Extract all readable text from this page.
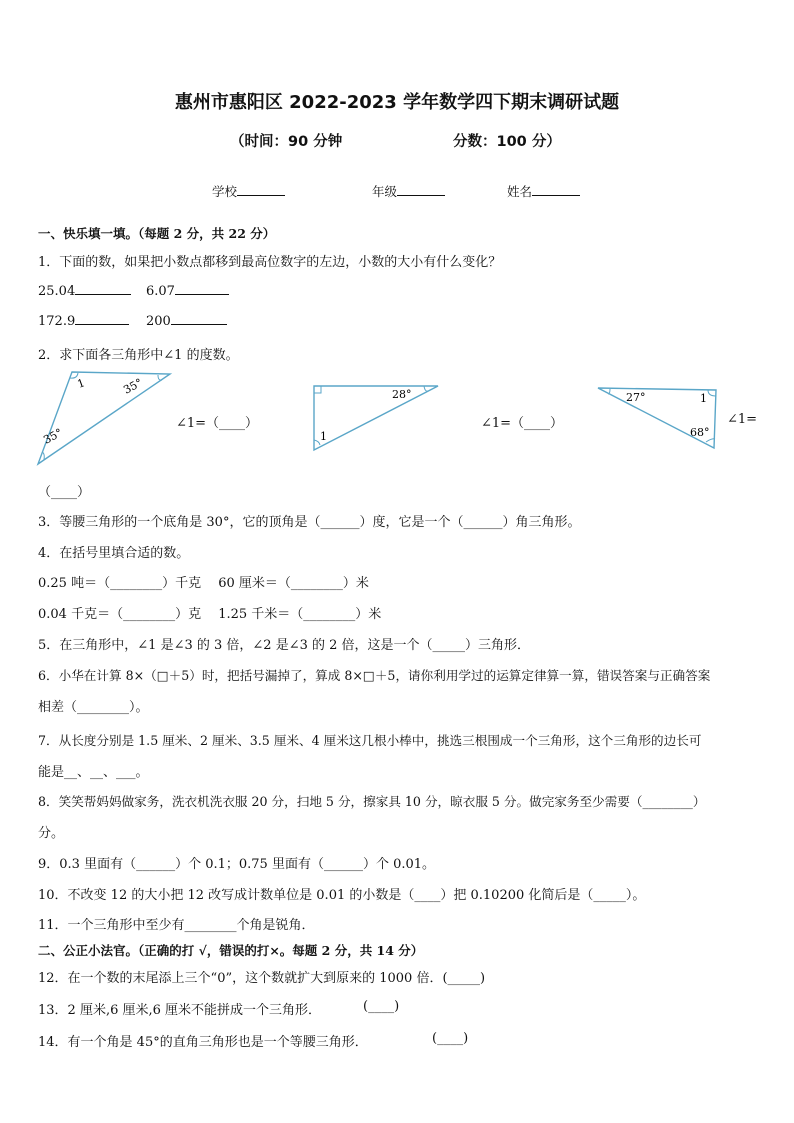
惠州市惠阳区 2022-2023 学年数学四下期末调研试题
（时间：90 分钟	分数：100 分）
学校	年级	姓名
一、快乐填一填。（每题 2 分，共 22 分）
1．下面的数，如果把小数点都移到最高位数字的左边，小数的大小有什么变化？
25.04	6.07
172.9	200
2．求下面各三角形中∠1 的度数。
1	35°
35°
∠1=（____）
28°
1
∠1=（____）
27°	1
68°
∠1=
（____）
3．等腰三角形的一个底角是 30°，它的顶角是（______）度，它是一个（______）角三角形。
4．在括号里填合适的数。
0.25 吨＝（________）千克　 60 厘米＝（________）米
0.04 千克＝（________）克　 1.25 千米＝（________）米
5．在三角形中，∠1 是∠3 的 3 倍，∠2 是∠3 的 2 倍，这是一个（_____）三角形．
6．小华在计算 8×（□＋5）时，把括号漏掉了，算成 8×□＋5，请你利用学过的运算定律算一算，错误答案与正确答案
相差（________）。
7．从长度分别是 1.5 厘米、2 厘米、3.5 厘米、4 厘米这几根小棒中，挑选三根围成一个三角形，这个三角形的边长可
能是__、__、___。
8．笑笑帮妈妈做家务，洗衣机洗衣服 20 分，扫地 5 分，擦家具 10 分，晾衣服 5 分。做完家务至少需要（________）
分。
9．0.3 里面有（______）个 0.1；0.75 里面有（______）个 0.01。
10．不改变 12 的大小把 12 改写成计数单位是 0.01 的小数是（____）把 0.10200 化简后是（_____）。
11．一个三角形中至少有________个角是锐角．
二、公正小法官。（正确的打 √，错误的打×。每题 2 分，共 14 分）
12．在一个数的末尾添上三个“0”，这个数就扩大到原来的 1000 倍．(_____)
13．2 厘米,6 厘米,6 厘米不能拼成一个三角形．	(____)
14．有一个角是 45°的直角三角形也是一个等腰三角形．	(____)
